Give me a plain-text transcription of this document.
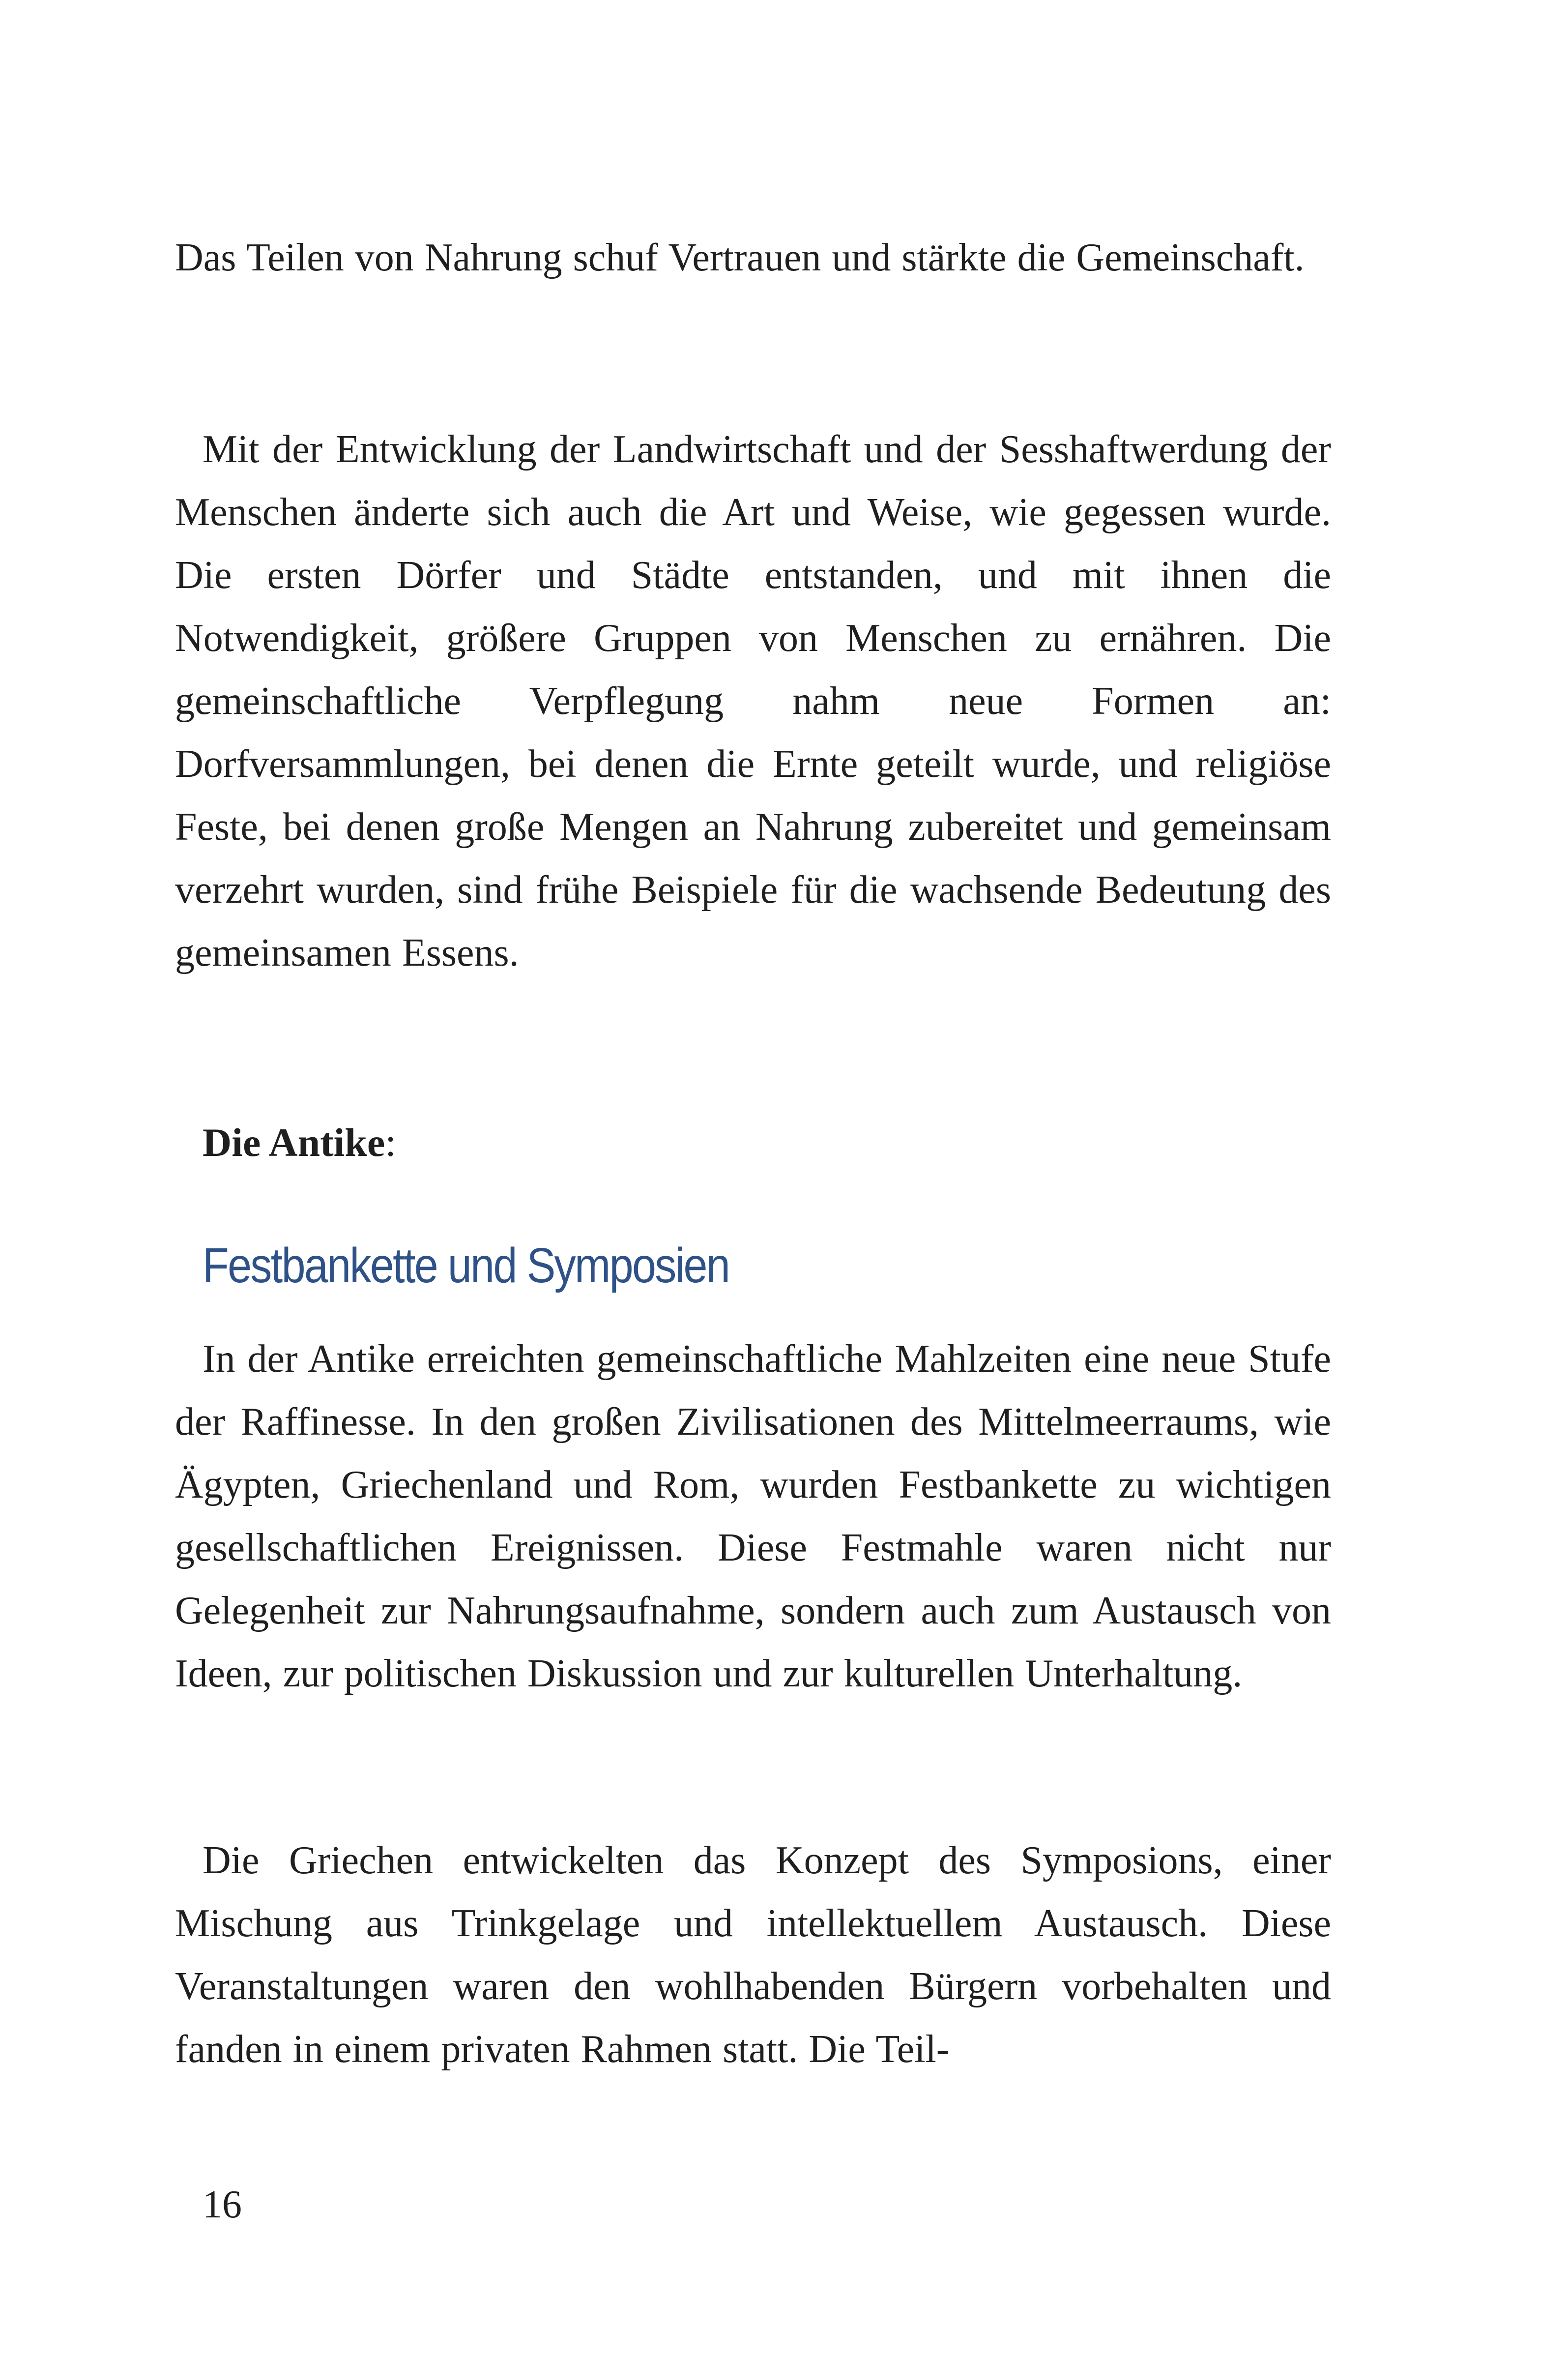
Das Teilen von Nahrung schuf Vertrauen und stärkte die Gemeinschaft.

Mit der Entwicklung der Landwirtschaft und der Sesshaftwerdung der Menschen änderte sich auch die Art und Weise, wie gegessen wurde. Die ersten Dörfer und Städte entstanden, und mit ihnen die Notwendigkeit, größere Gruppen von Menschen zu ernähren. Die gemeinschaftliche Verpflegung nahm neue Formen an: Dorfversammlungen, bei denen die Ernte geteilt wurde, und religiöse Feste, bei denen große Mengen an Nahrung zubereitet und gemeinsam verzehrt wurden, sind frühe Beispiele für die wachsende Bedeutung des gemeinsamen Essens.

Die Antike:
Festbankette und Symposien

In der Antike erreichten gemeinschaftliche Mahlzeiten eine neue Stufe der Raffinesse. In den großen Zivilisationen des Mittelmeerraums, wie Ägypten, Griechenland und Rom, wurden Festbankette zu wichtigen gesellschaftlichen Ereignissen. Diese Festmahle waren nicht nur Gelegenheit zur Nahrungsaufnahme, sondern auch zum Austausch von Ideen, zur politischen Diskussion und zur kulturellen Unterhaltung.

Die Griechen entwickelten das Konzept des Symposions, einer Mischung aus Trinkgelage und intellektuellem Austausch. Diese Veranstaltungen waren den wohlhabenden Bürgern vorbehalten und fanden in einem privaten Rahmen statt. Die Teil-

16
